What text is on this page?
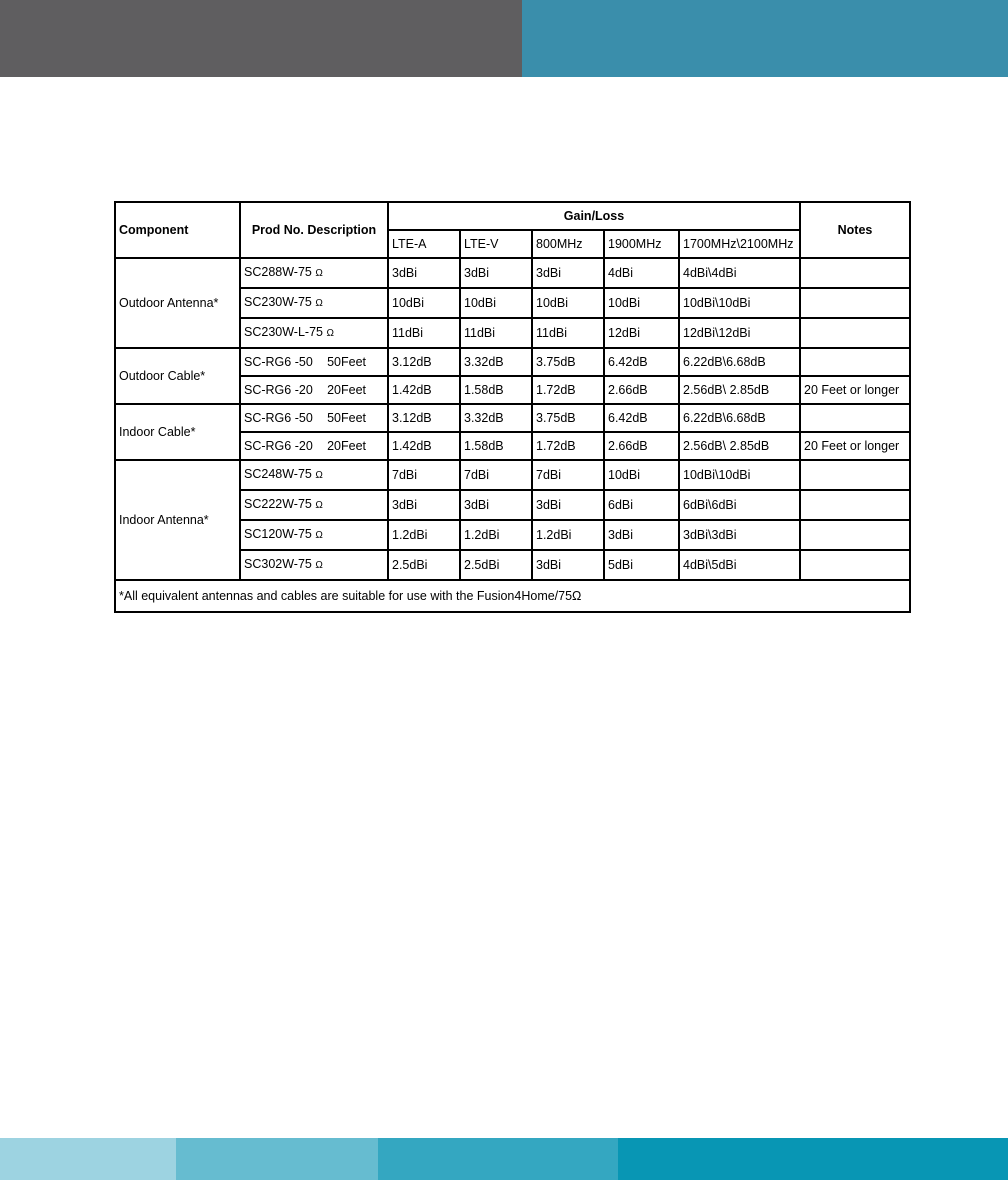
Component	Prod No. Description	Gain/Loss					Notes
		LTE-A	LTE-V	800MHz	1900MHz	1700MHz\2100MHz	
Outdoor Antenna*	SC288W-75 Ω	3dBi	3dBi	3dBi	4dBi	4dBi\4dBi	

	SC230W-75 Ω	10dBi	10dBi	10dBi	10dBi	10dBi\10dBi	

	SC230W-L-75 Ω	11dBi	11dBi	11dBi	12dBi	12dBi\12dBi	
Outdoor Cable*	SC-RG6 -50 50Feet	3.12dB	3.32dB	3.75dB	6.42dB	6.22dB\6.68dB	

	SC-RG6 -20 20Feet	1.42dB	1.58dB	1.72dB	2.66dB	2.56dB\ 2.85dB	20 Feet or longer
Indoor Cable*	SC-RG6 -50 50Feet	3.12dB	3.32dB	3.75dB	6.42dB	6.22dB\6.68dB	

	SC-RG6 -20 20Feet	1.42dB	1.58dB	1.72dB	2.66dB	2.56dB\ 2.85dB	20 Feet or longer
Indoor Antenna*	SC248W-75 Ω	7dBi	7dBi	7dBi	10dBi	10dBi\10dBi	

	SC222W-75 Ω	3dBi	3dBi	3dBi	6dBi	6dBi\6dBi	

	SC120W-75 Ω	1.2dBi	1.2dBi	1.2dBi	3dBi	3dBi\3dBi	

	SC302W-75 Ω	2.5dBi	2.5dBi	3dBi	5dBi	4dBi\5dBi	
*All equivalent antennas and cables are suitable for use with the Fusion4Home/75Ω							
